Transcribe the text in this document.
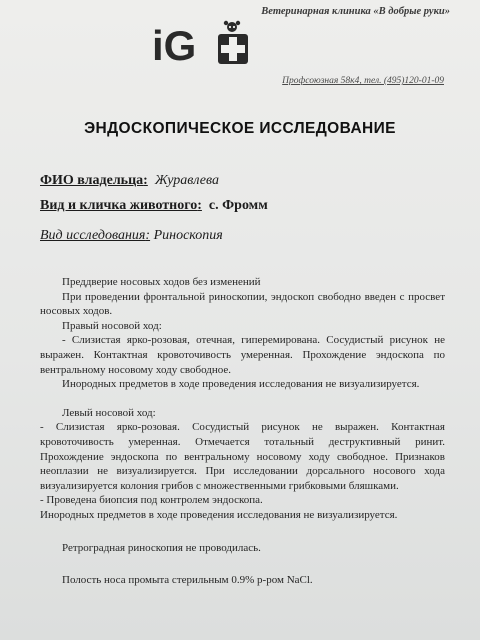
Ветеринарная клиника «В добрые руки»
iG
Профсоюзная 58к4, тел. (495)120-01-09
ЭНДОСКОПИЧЕСКОЕ ИССЛЕДОВАНИЕ
ФИО владельца: Журавлева
Вид и кличка животного: с. Фромм
Вид исследования: Риноскопия

Преддверие носовых ходов без изменений

При проведении фронтальной риноскопии, эндоскоп свободно введен с просвет носовых ходов.

Правый носовой ход:

- Слизистая ярко-розовая, отечная, гиперемирована. Сосудистый рисунок не выражен. Контактная кровоточивость умеренная. Прохождение эндоскопа по вентральному носовому ходу свободное.

Инородных предметов в ходе проведения исследования не визуализируется.

Левый носовой ход:

- Слизистая ярко-розовая. Сосудистый рисунок не выражен. Контактная кровоточивость умеренная. Отмечается тотальный деструктивный ринит. Прохождение эндоскопа по вентральному носовому ходу свободное. Признаков неоплазии не визуализируется. При исследовании дорсального носового хода визуализируется колония грибов с множественными грибковыми бляшками.

- Проведена биопсия под контролем эндоскопа.

Инородных предметов в ходе проведения исследования не визуализируется.

Ретроградная риноскопия не проводилась.

Полость носа промыта стерильным 0.9% р-ром NaCl.
